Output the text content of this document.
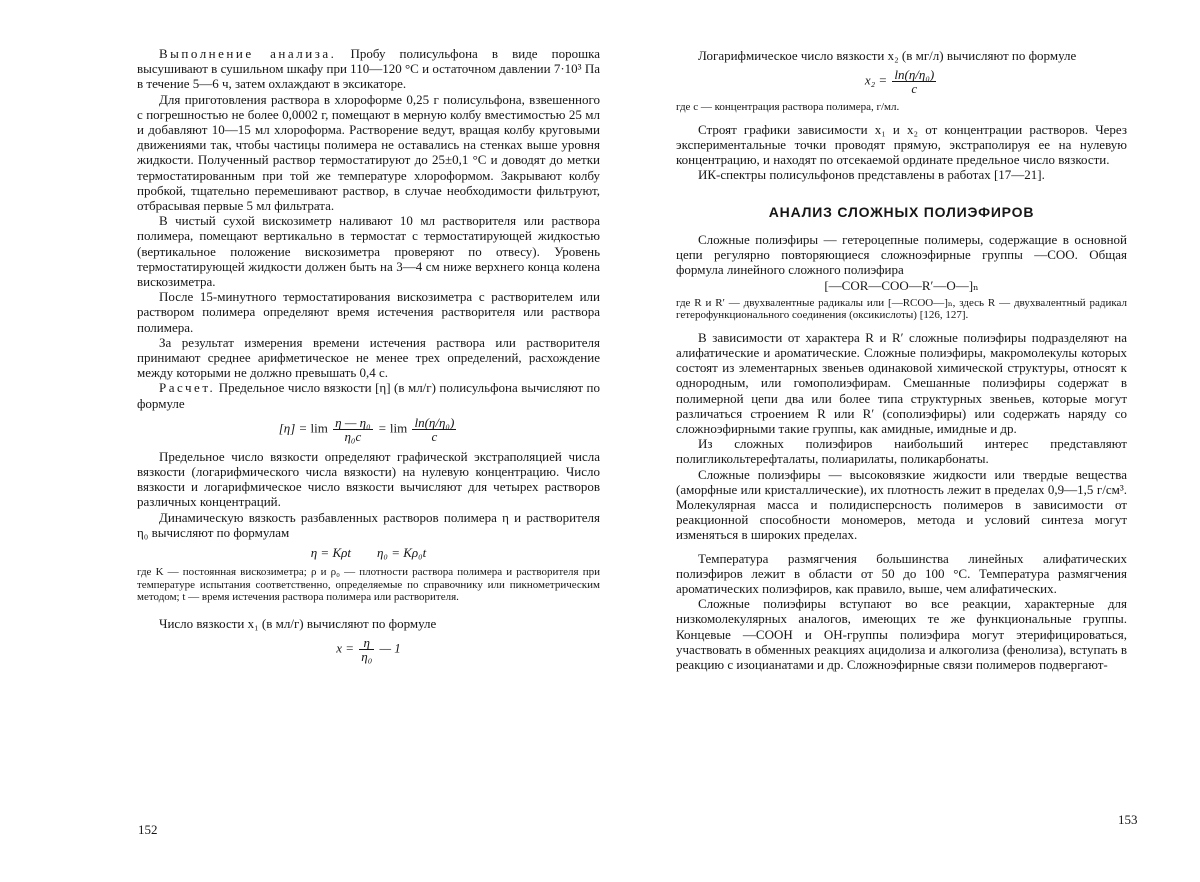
Выполнение анализа. Пробу полисульфона в виде порошка высушивают в сушильном шкафу при 110—120 °С и остаточном давлении 7·10³ Па в течение 5—6 ч, затем охлаждают в эксикаторе.

Для приготовления раствора в хлороформе 0,25 г полисульфона, взвешенного с погрешностью не более 0,0002 г, помещают в мерную колбу вместимостью 25 мл и добавляют 10—15 мл хлороформа. Растворение ведут, вращая колбу круговыми движениями так, чтобы частицы полимера не оставались на стенках выше уровня жидкости. Полученный раствор термостатируют до 25±0,1 °С и доводят до метки термостатированным при той же температуре хлороформом. Закрывают колбу пробкой, тщательно перемешивают раствор, в случае необходимости фильтруют, отбрасывая первые 5 мл фильтрата.

В чистый сухой вискозиметр наливают 10 мл растворителя или раствора полимера, помещают вертикально в термостат с термостатирующей жидкостью (вертикальное положение вискозиметра проверяют по отвесу). Уровень термостатирующей жидкости должен быть на 3—4 см ниже верхнего конца колена вискозиметра.

После 15-минутного термостатирования вискозиметра с растворителем или раствором полимера определяют время истечения растворителя или раствора полимера.

За результат измерения времени истечения раствора или растворителя принимают среднее арифметическое не менее трех определений, расхождение между которыми не должно превышать 0,4 с.

Расчет. Предельное число вязкости [η] (в мл/г) полисульфона вычисляют по формуле

$[\eta] = \lim \frac{\text{η — η₀}}{\text{η₀c}} = \lim \frac{\text{ln(η/η₀)}}{c}$

Предельное число вязкости определяют графической экстраполяцией числа вязкости (логарифмического числа вязкости) на нулевую концентрацию. Число вязкости и логарифмическое число вязкости вычисляют для четырех растворов различных концентраций.

Динамическую вязкость разбавленных растворов полимера η и растворителя η₀ вычисляют по формулам

η = Kρt        η₀ = Kρ₀t

где K — постоянная вискозиметра; ρ и ρ₀ — плотности раствора полимера и растворителя при температуре испытания соответственно, определяемые по справочнику или пикнометрическим методом; t — время истечения раствора полимера или растворителя.

Число вязкости x₁ (в мл/г) вычисляют по формуле

$x = \frac{\eta}{\text{η₀}}$ — 1
152

Логарифмическое число вязкости x₂ (в мг/л) вычисляют по формуле

$x_2 = \frac{\text{ln(η/η₀)}}{c}$

где c — концентрация раствора полимера, г/мл.

Строят графики зависимости x₁ и x₂ от концентрации растворов. Через экспериментальные точки проводят прямую, экстраполируя ее на нулевую концентрацию, и находят по отсекаемой ординате предельное число вязкости.

ИК-спектры полисульфонов представлены в работах [17—21].

АНАЛИЗ СЛОЖНЫХ ПОЛИЭФИРОВ

Сложные полиэфиры — гетероцепные полимеры, содержащие в основной цепи регулярно повторяющиеся сложноэфирные группы —COO. Общая формула линейного сложного полиэфира

[—COR—COO—R′—O—]ₙ

где R и R′ — двухвалентные радикалы или [—RCOO—]ₙ, здесь R — двухвалентный радикал гетерофункционального соединения (оксикислоты) [126, 127].

В зависимости от характера R и R′ сложные полиэфиры подразделяют на алифатические и ароматические. Сложные полиэфиры, макромолекулы которых состоят из элементарных звеньев одинаковой химической структуры, относят к однородным, или гомополиэфирам. Смешанные полиэфиры содержат в полимерной цепи два или более типа структурных звеньев, которые могут различаться строением R или R′ (сополиэфиры) или содержать наряду со сложноэфирными такие группы, как амидные, имидные и др.

Из сложных полиэфиров наибольший интерес представляют полигликольтерефталаты, полиарилаты, поликарбонаты.

Сложные полиэфиры — высоковязкие жидкости или твердые вещества (аморфные или кристаллические), их плотность лежит в пределах 0,9—1,5 г/см³. Молекулярная масса и полидисперсность полимеров в зависимости от реакционной способности мономеров, метода и условий синтеза могут изменяться в широких пределах.

Температура размягчения большинства линейных алифатических полиэфиров лежит в области от 50 до 100 °С. Температура размягчения ароматических полиэфиров, как правило, выше, чем алифатических.

Сложные полиэфиры вступают во все реакции, характерные для низкомолекулярных аналогов, имеющих те же функциональные группы. Концевые —COOH и OH-группы полиэфира могут этерифицироваться, участвовать в обменных реакциях ацидолиза и алкоголиза (фенолиза), вступать в реакцию с изоцианатами и др. Сложноэфирные связи полимеров подвергают-

153
